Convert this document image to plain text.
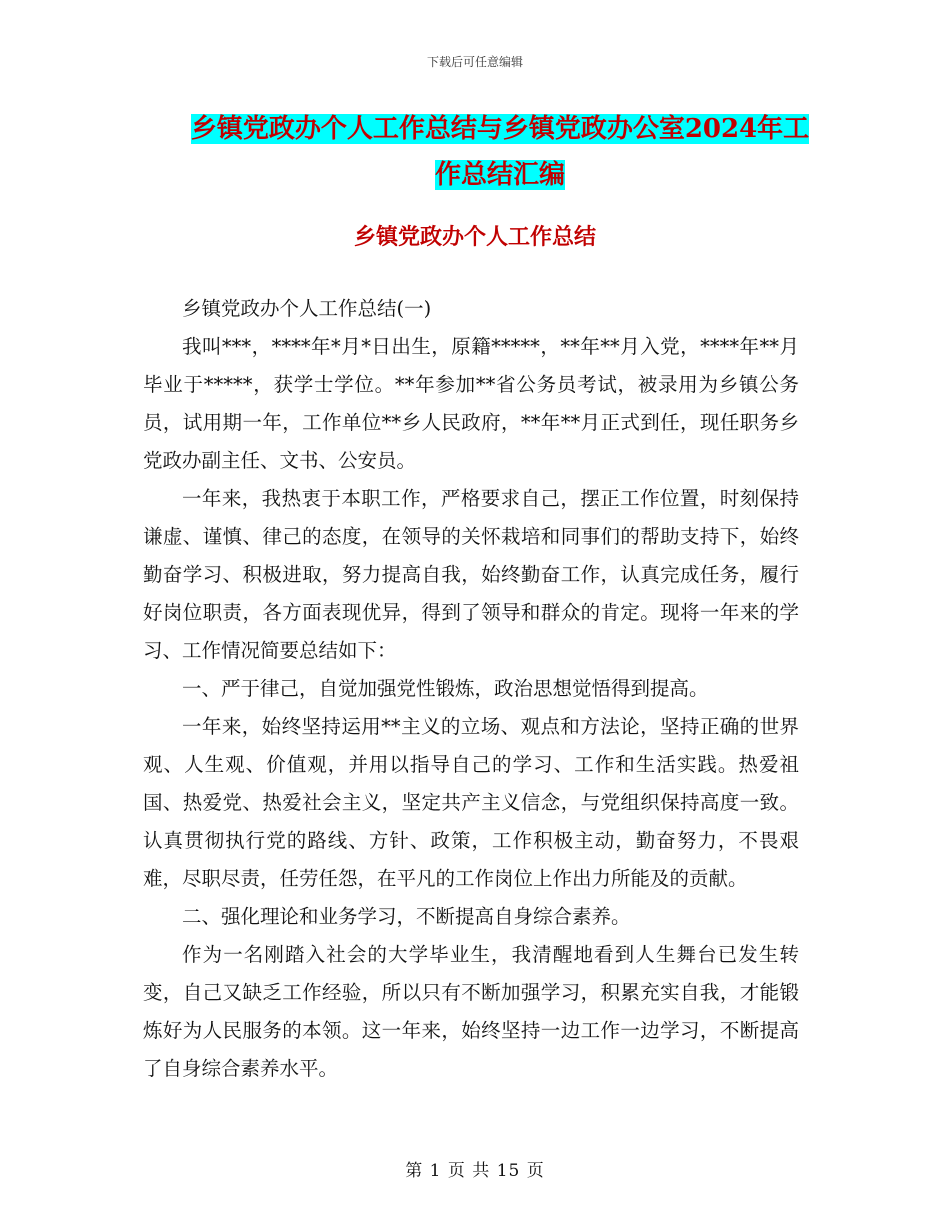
下载后可任意编辑
乡镇党政办个人工作总结与乡镇党政办公室2024年工
作总结汇编
乡镇党政办个人工作总结

乡镇党政办个人工作总结(一)

我叫***，****年*月*日出生，原籍*****，**年**月入党，****年**月毕业于*****，获学士学位。**年参加**省公务员考试，被录用为乡镇公务员，试用期一年，工作单位**乡人民政府，**年**月正式到任，现任职务乡党政办副主任、文书、公安员。

一年来，我热衷于本职工作，严格要求自己，摆正工作位置，时刻保持谦虚、谨慎、律己的态度，在领导的关怀栽培和同事们的帮助支持下，始终勤奋学习、积极进取，努力提高自我，始终勤奋工作，认真完成任务，履行好岗位职责，各方面表现优异，得到了领导和群众的肯定。现将一年来的学习、工作情况简要总结如下：

一、严于律己，自觉加强党性锻炼，政治思想觉悟得到提高。

一年来，始终坚持运用**主义的立场、观点和方法论，坚持正确的世界观、人生观、价值观，并用以指导自己的学习、工作和生活实践。热爱祖国、热爱党、热爱社会主义，坚定共产主义信念，与党组织保持高度一致。认真贯彻执行党的路线、方针、政策，工作积极主动，勤奋努力，不畏艰难，尽职尽责，任劳任怨，在平凡的工作岗位上作出力所能及的贡献。

二、强化理论和业务学习，不断提高自身综合素养。

作为一名刚踏入社会的大学毕业生，我清醒地看到人生舞台已发生转变，自己又缺乏工作经验，所以只有不断加强学习，积累充实自我，才能锻炼好为人民服务的本领。这一年来，始终坚持一边工作一边学习，不断提高了自身综合素养水平。

第 1 页 共 15 页
